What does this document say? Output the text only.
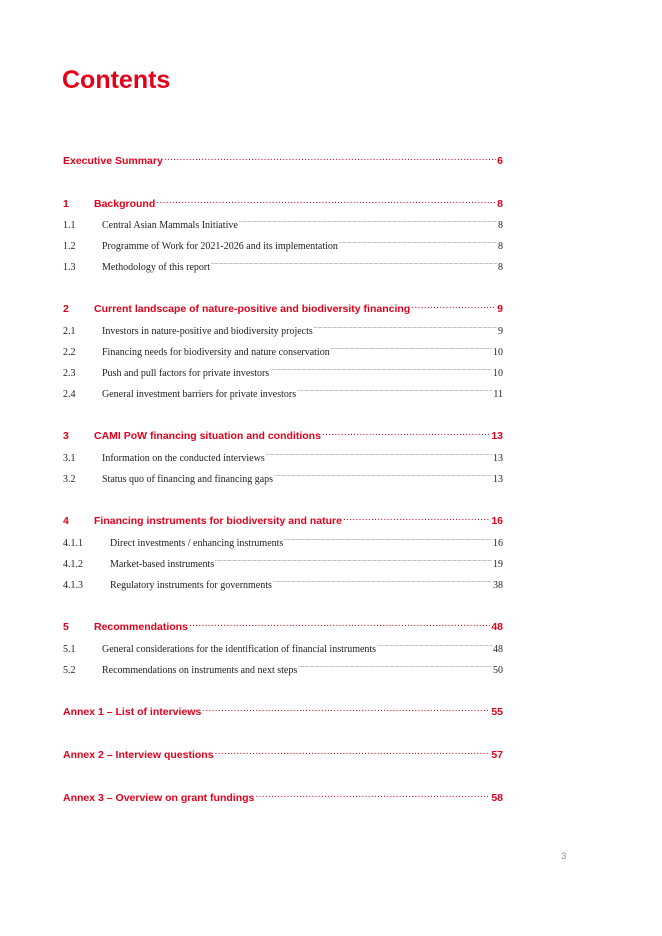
Contents
Executive Summary .....	6
1	Background .....	8
1.1	Central Asian Mammals Initiative .....	8
1.2	Programme of Work for 2021-2026 and its implementation .....	8
1.3	Methodology of this report .....	8
2	Current landscape of nature-positive and biodiversity financing .....	9
2.1	Investors in nature-positive and biodiversity projects .....	9
2.2	Financing needs for biodiversity and nature conservation .....	10
2.3	Push and pull factors for private investors .....	10
2.4	General investment barriers for private investors .....	11
3	CAMI PoW financing situation and conditions .....	13
3.1	Information on the conducted interviews .....	13
3.2	Status quo of financing and financing gaps .....	13
4	Financing instruments for biodiversity and nature .....	16
4.1.1	Direct investments / enhancing instruments .....	16
4.1.2	Market-based instruments .....	19
4.1.3	Regulatory instruments for governments .....	38
5	Recommendations .....	48
5.1	General considerations for the identification of financial instruments .....	48
5.2	Recommendations on instruments and next steps .....	50
Annex 1 – List of interviews .....	55
Annex 2 – Interview questions .....	57
Annex 3 – Overview on grant fundings .....	58
3
